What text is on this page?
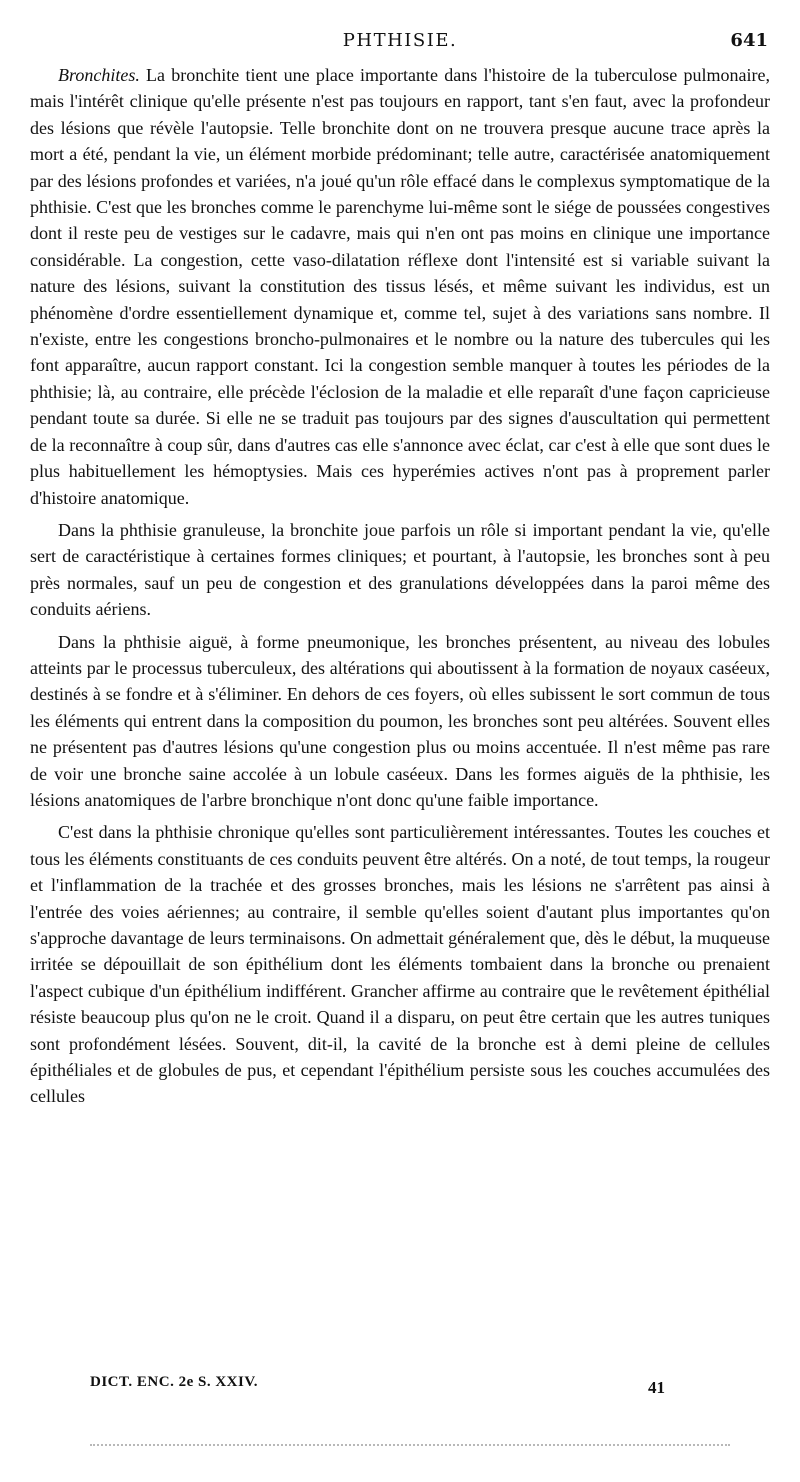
PHTHISIE.	641

Bronchites. La bronchite tient une place importante dans l'histoire de la tuberculose pulmonaire, mais l'intérêt clinique qu'elle présente n'est pas toujours en rapport, tant s'en faut, avec la profondeur des lésions que révèle l'autopsie. Telle bronchite dont on ne trouvera presque aucune trace après la mort a été, pendant la vie, un élément morbide prédominant; telle autre, caractérisée anatomiquement par des lésions profondes et variées, n'a joué qu'un rôle effacé dans le complexus symptomatique de la phthisie. C'est que les bronches comme le parenchyme lui-même sont le siége de poussées congestives dont il reste peu de vestiges sur le cadavre, mais qui n'en ont pas moins en clinique une importance considérable. La congestion, cette vaso-dilatation réflexe dont l'intensité est si variable suivant la nature des lésions, suivant la constitution des tissus lésés, et même suivant les individus, est un phénomène d'ordre essentiellement dynamique et, comme tel, sujet à des variations sans nombre. Il n'existe, entre les congestions broncho-pulmonaires et le nombre ou la nature des tubercules qui les font apparaître, aucun rapport constant. Ici la congestion semble manquer à toutes les périodes de la phthisie; là, au contraire, elle précède l'éclosion de la maladie et elle reparaît d'une façon capricieuse pendant toute sa durée. Si elle ne se traduit pas toujours par des signes d'auscultation qui permettent de la reconnaître à coup sûr, dans d'autres cas elle s'annonce avec éclat, car c'est à elle que sont dues le plus habituellement les hémoptysies. Mais ces hyperémies actives n'ont pas à proprement parler d'histoire anatomique.

Dans la phthisie granuleuse, la bronchite joue parfois un rôle si important pendant la vie, qu'elle sert de caractéristique à certaines formes cliniques; et pourtant, à l'autopsie, les bronches sont à peu près normales, sauf un peu de congestion et des granulations développées dans la paroi même des conduits aériens.

Dans la phthisie aiguë, à forme pneumonique, les bronches présentent, au niveau des lobules atteints par le processus tuberculeux, des altérations qui aboutissent à la formation de noyaux caséeux, destinés à se fondre et à s'éliminer. En dehors de ces foyers, où elles subissent le sort commun de tous les éléments qui entrent dans la composition du poumon, les bronches sont peu altérées. Souvent elles ne présentent pas d'autres lésions qu'une congestion plus ou moins accentuée. Il n'est même pas rare de voir une bronche saine accolée à un lobule caséeux. Dans les formes aiguës de la phthisie, les lésions anatomiques de l'arbre bronchique n'ont donc qu'une faible importance.

C'est dans la phthisie chronique qu'elles sont particulièrement intéressantes. Toutes les couches et tous les éléments constituants de ces conduits peuvent être altérés. On a noté, de tout temps, la rougeur et l'inflammation de la trachée et des grosses bronches, mais les lésions ne s'arrêtent pas ainsi à l'entrée des voies aériennes; au contraire, il semble qu'elles soient d'autant plus importantes qu'on s'approche davantage de leurs terminaisons. On admettait généralement que, dès le début, la muqueuse irritée se dépouillait de son épithélium dont les éléments tombaient dans la bronche ou prenaient l'aspect cubique d'un épithélium indifférent. Grancher affirme au contraire que le revêtement épithélial résiste beaucoup plus qu'on ne le croit. Quand il a disparu, on peut être certain que les autres tuniques sont profondément lésées. Souvent, dit-il, la cavité de la bronche est à demi pleine de cellules épithéliales et de globules de pus, et cependant l'épithélium persiste sous les couches accumulées des cellules

DICT. ENC. 2e S. XXIV.	41
